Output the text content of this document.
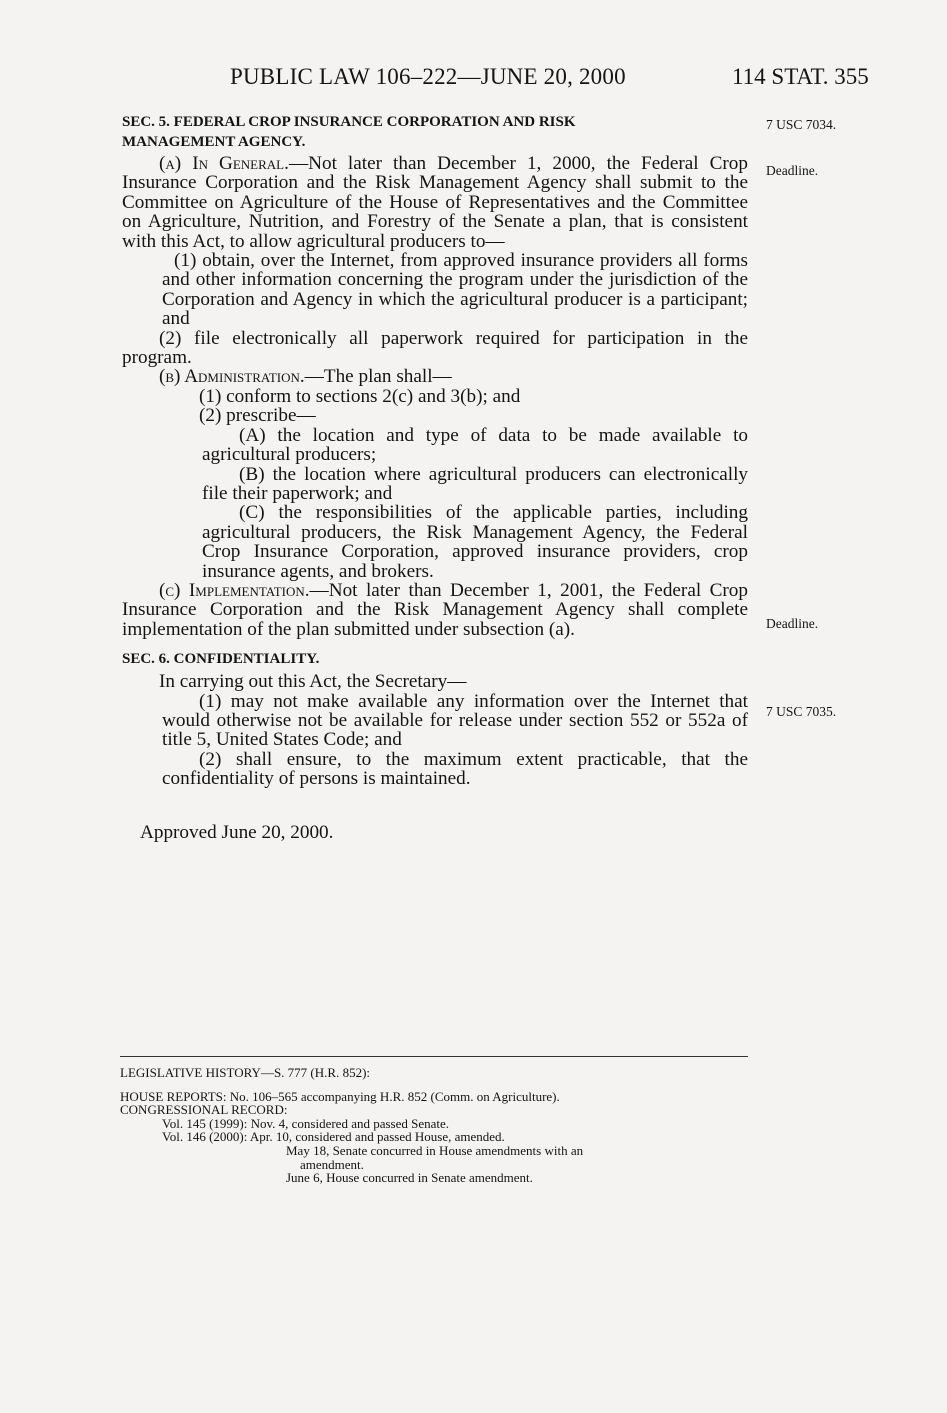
PUBLIC LAW 106–222—JUNE 20, 2000	114 STAT. 355
7 USC 7034.
Deadline.
Deadline.
7 USC 7035.

SEC. 5. FEDERAL CROP INSURANCE CORPORATION AND RISK
MANAGEMENT AGENCY.

(a) In General.—Not later than December 1, 2000, the Federal Crop Insurance Corporation and the Risk Management Agency shall submit to the Committee on Agriculture of the House of Representatives and the Committee on Agriculture, Nutrition, and Forestry of the Senate a plan, that is consistent with this Act, to allow agricultural producers to—

(1) obtain, over the Internet, from approved insurance providers all forms and other information concerning the program under the jurisdiction of the Corporation and Agency in which the agricultural producer is a participant; and

(2) file electronically all paperwork required for participation in the program.

(b) Administration.—The plan shall—

(1) conform to sections 2(c) and 3(b); and

(2) prescribe—

(A) the location and type of data to be made available to agricultural producers;

(B) the location where agricultural producers can electronically file their paperwork; and

(C) the responsibilities of the applicable parties, including agricultural producers, the Risk Management Agency, the Federal Crop Insurance Corporation, approved insurance providers, crop insurance agents, and brokers.

(c) Implementation.—Not later than December 1, 2001, the Federal Crop Insurance Corporation and the Risk Management Agency shall complete implementation of the plan submitted under subsection (a).

SEC. 6. CONFIDENTIALITY.

In carrying out this Act, the Secretary—

(1) may not make available any information over the Internet that would otherwise not be available for release under section 552 or 552a of title 5, United States Code; and

(2) shall ensure, to the maximum extent practicable, that the confidentiality of persons is maintained.

Approved June 20, 2000.

LEGISLATIVE HISTORY—S. 777 (H.R. 852):

HOUSE REPORTS: No. 106–565 accompanying H.R. 852 (Comm. on Agriculture).

CONGRESSIONAL RECORD:

Vol. 145 (1999): Nov. 4, considered and passed Senate.

Vol. 146 (2000): Apr. 10, considered and passed House, amended.

May 18, Senate concurred in House amendments with an

amendment.

June 6, House concurred in Senate amendment.
